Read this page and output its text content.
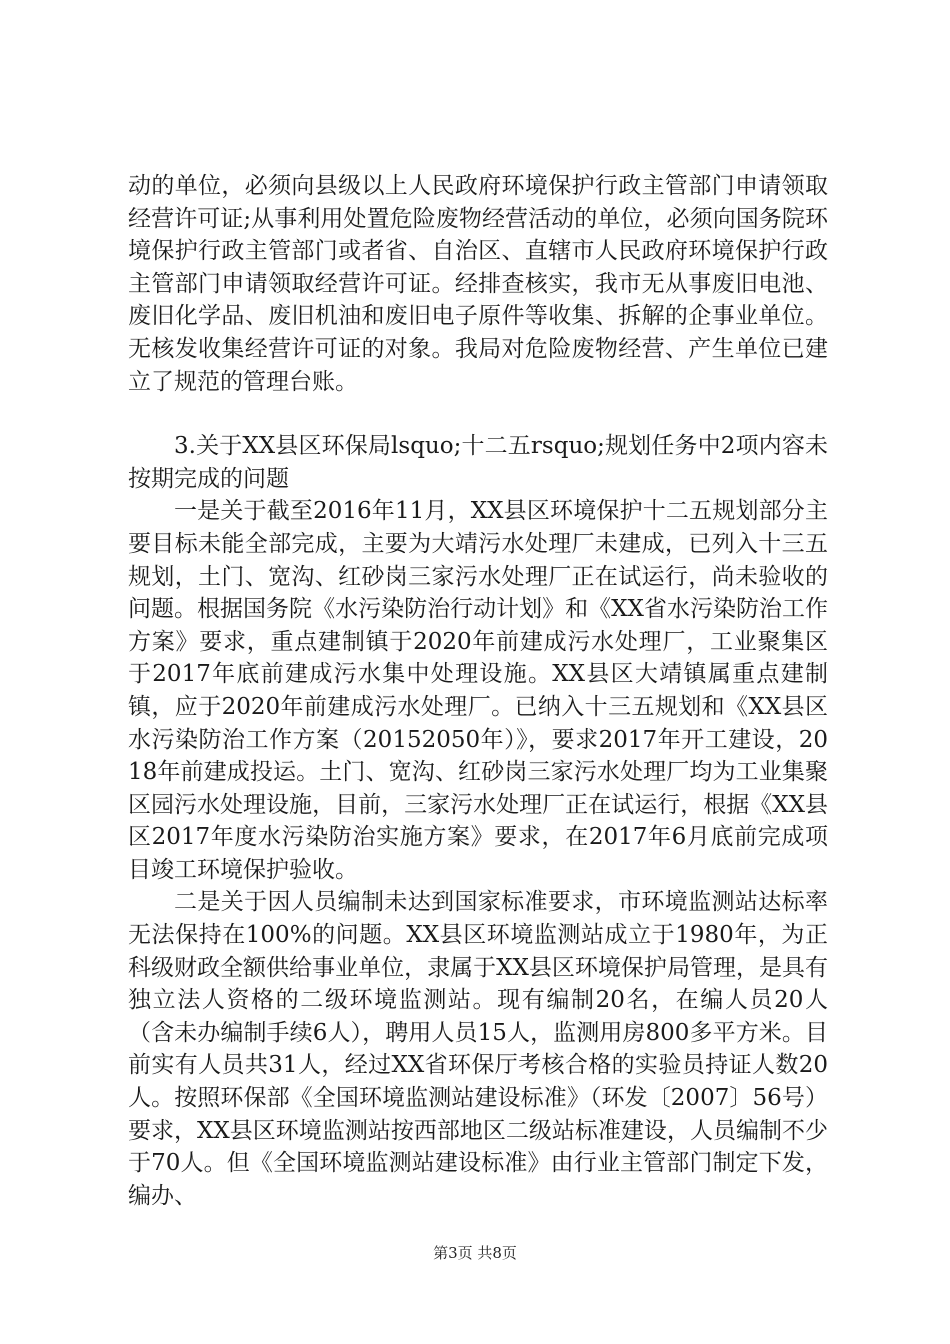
动的单位，必须向县级以上人民政府环境保护行政主管部门申请领取经营许可证;从事利用处置危险废物经营活动的单位，必须向国务院环境保护行政主管部门或者省、自治区、直辖市人民政府环境保护行政主管部门申请领取经营许可证。经排查核实，我市无从事废旧电池、废旧化学品、废旧机油和废旧电子原件等收集、拆解的企事业单位。无核发收集经营许可证的对象。我局对危险废物经营、产生单位已建立了规范的管理台账。

3.关于XX县区环保局lsquo;十二五rsquo;规划任务中2项内容未按期完成的问题

一是关于截至2016年11月，XX县区环境保护十二五规划部分主要目标未能全部完成，主要为大靖污水处理厂未建成，已列入十三五规划，土门、宽沟、红砂岗三家污水处理厂正在试运行，尚未验收的问题。根据国务院《水污染防治行动计划》和《XX省水污染防治工作方案》要求，重点建制镇于2020年前建成污水处理厂，工业聚集区于2017年底前建成污水集中处理设施。XX县区大靖镇属重点建制镇，应于2020年前建成污水处理厂。已纳入十三五规划和《XX县区水污染防治工作方案（20152050年）》，要求2017年开工建设，2018年前建成投运。土门、宽沟、红砂岗三家污水处理厂均为工业集聚区园污水处理设施，目前，三家污水处理厂正在试运行，根据《XX县区2017年度水污染防治实施方案》要求，在2017年6月底前完成项目竣工环境保护验收。

二是关于因人员编制未达到国家标准要求，市环境监测站达标率无法保持在100%的问题。XX县区环境监测站成立于1980年，为正科级财政全额供给事业单位，隶属于XX县区环境保护局管理，是具有独立法人资格的二级环境监测站。现有编制20名，在编人员20人（含未办编制手续6人），聘用人员15人，监测用房800多平方米。目前实有人员共31人，经过XX省环保厅考核合格的实验员持证人数20人。按照环保部《全国环境监测站建设标准》（环发〔2007〕56号）要求，XX县区环境监测站按西部地区二级站标准建设，人员编制不少于70人。但《全国环境监测站建设标准》由行业主管部门制定下发，编办、

第3页 共8页
